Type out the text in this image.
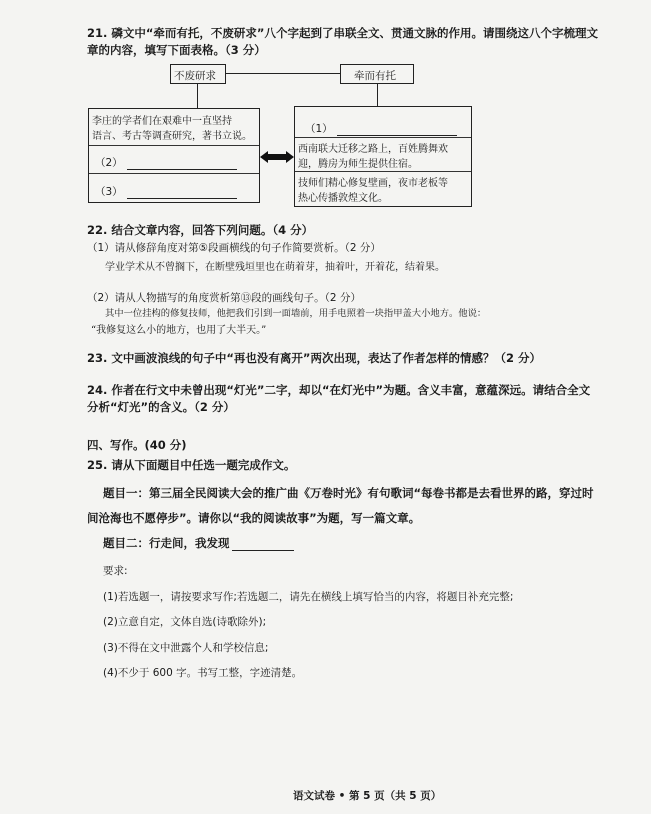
21. 磷文中“牵而有托，不废研求”八个字起到了串联全文、贯通文脉的作用。请围绕这八个字梳理文
章的内容，填写下面表格。（3 分）
不废研求	牵而有托
李庄的学者们在艰难中一直坚持
语言、考古等调查研究，著书立说。
（2）
（3）
（1）
西南联大迁移之路上，百姓腾舞欢
迎，腾房为师生提供住宿。
技师们精心修复壁画，夜市老板等
热心传播敦煌文化。
22. 结合文章内容，回答下列问题。（4 分）
（1）请从修辞角度对第⑤段画横线的句子作简要赏析。（2 分）
学业学术从不曾搁下，在断壁残垣里也在萌着芽，抽着叶，开着花，结着果。
（2）请从人物描写的角度赏析第⑬段的画线句子。（2 分）
其中一位挂构的修复技师，他把我们引到一面墙前，用手电照着一块指甲盖大小地方。他说：
“我修复这么小的地方，也用了大半天。”
23. 文中画波浪线的句子中“再也没有离开”两次出现，表达了作者怎样的情感？（2 分）
24. 作者在行文中未曾出现“灯光”二字，却以“在灯光中”为题。含义丰富，意蕴深远。请结合全文
分析“灯光”的含义。（2 分）
四、写作。(40 分)
25. 请从下面题目中任选一题完成作文。
题目一：第三届全民阅读大会的推广曲《万卷时光》有句歌词“每卷书都是去看世界的路，穿过时
间沧海也不愿停步”。请你以“我的阅读故事”为题，写一篇文章。
题目二：行走间，我发现
要求:
(1)若选题一，请按要求写作;若选题二，请先在横线上填写恰当的内容，将题目补充完整;
(2)立意自定，文体自选(诗歌除外);
(3)不得在文中泄露个人和学校信息;
(4)不少于 600 字。书写工整，字迹清楚。
语文试卷 • 第 5 页（共 5 页）
